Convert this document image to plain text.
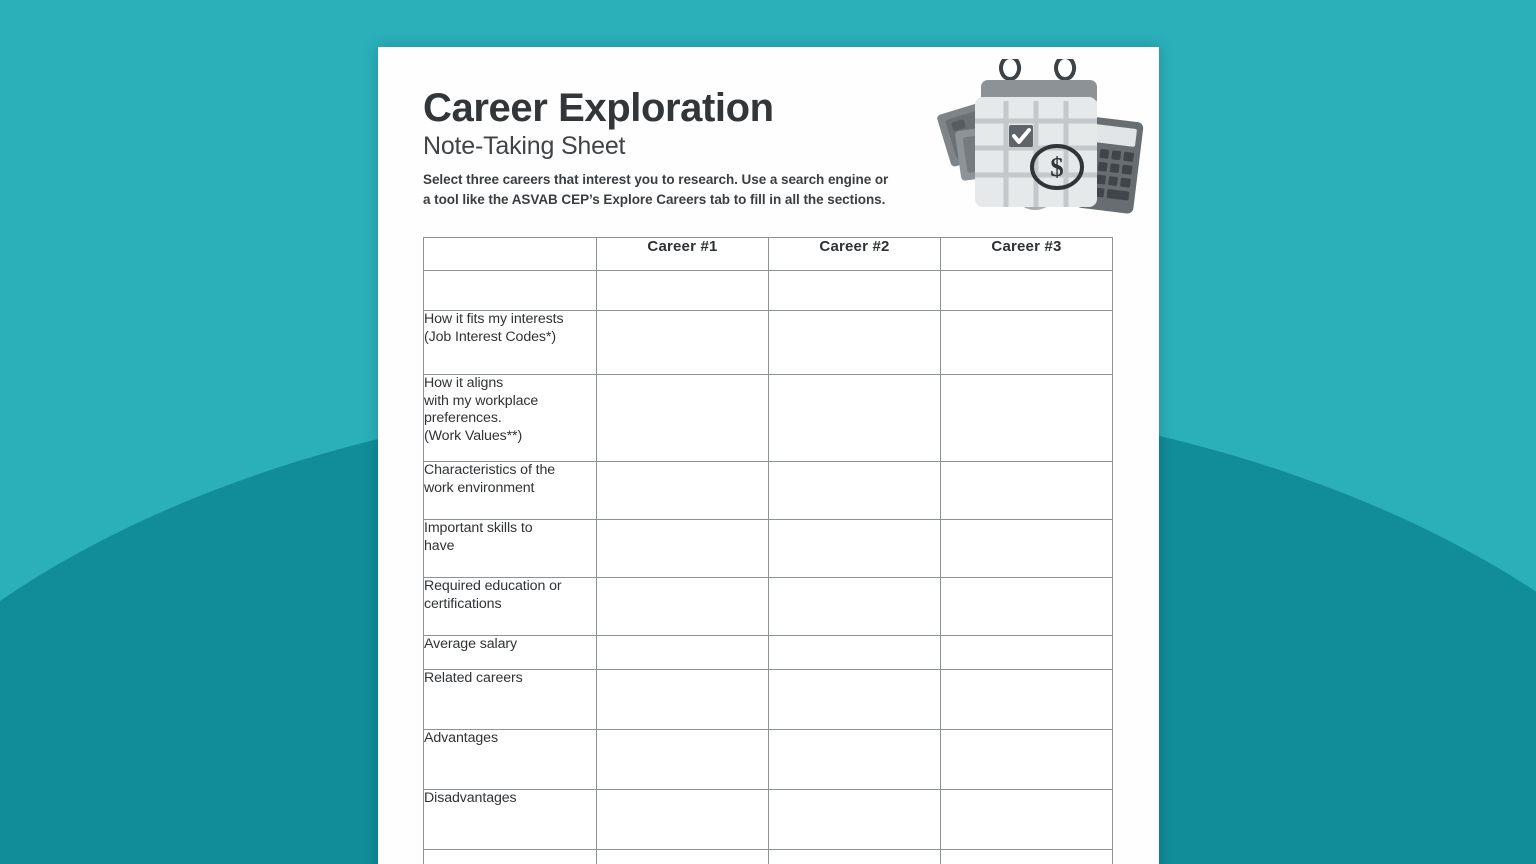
Career Exploration
Note-Taking Sheet

Select three careers that interest you to research. Use a search engine or
a tool like the ASVAB CEP’s Explore Careers tab to fill in all the sections.

$
	Career #1	Career #2	Career #3

How it fits my interests
(Job Interest Codes*)			

How it aligns
with my workplace
preferences.
(Work Values**)			

Characteristics of the
work environment			

Important skills to
have			

Required education or
certifications			

Average salary			

Related careers			

Advantages			

Disadvantages			
